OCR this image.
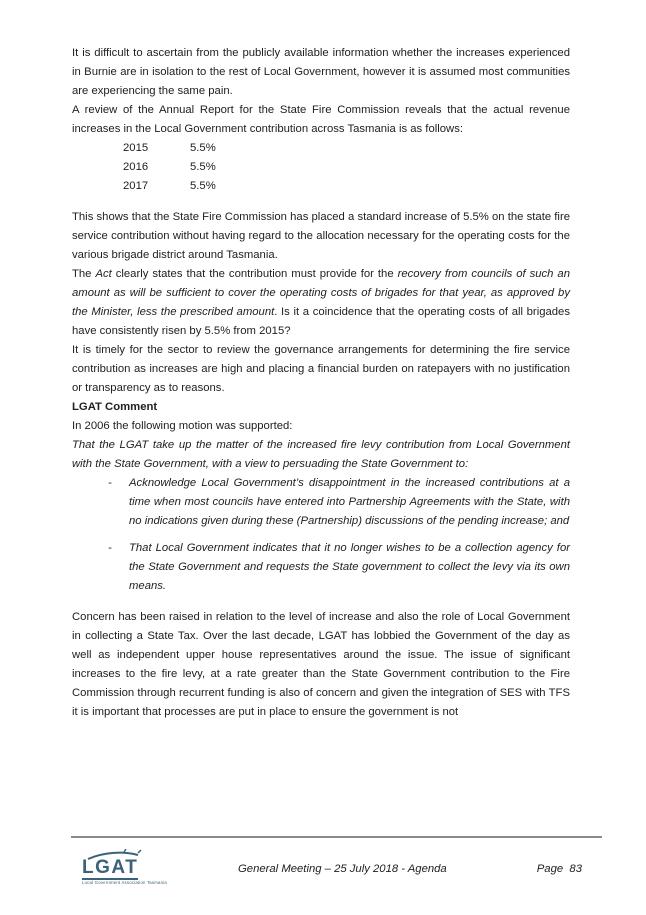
It is difficult to ascertain from the publicly available information whether the increases experienced in Burnie are in isolation to the rest of Local Government, however it is assumed most communities are experiencing the same pain.

A review of the Annual Report for the State Fire Commission reveals that the actual revenue increases in the Local Government contribution across Tasmania is as follows:

2015	5.5%
2016	5.5%
2017	5.5%

This shows that the State Fire Commission has placed a standard increase of 5.5% on the state fire service contribution without having regard to the allocation necessary for the operating costs for the various brigade district around Tasmania.

The Act clearly states that the contribution must provide for the recovery from councils of such an amount as will be sufficient to cover the operating costs of brigades for that year, as approved by the Minister, less the prescribed amount. Is it a coincidence that the operating costs of all brigades have consistently risen by 5.5% from 2015?

It is timely for the sector to review the governance arrangements for determining the fire service contribution as increases are high and placing a financial burden on ratepayers with no justification or transparency as to reasons.

LGAT Comment

In 2006 the following motion was supported:

That the LGAT take up the matter of the increased fire levy contribution from Local Government with the State Government, with a view to persuading the State Government to:

-	Acknowledge Local Government’s disappointment in the increased contributions at a time when most councils have entered into Partnership Agreements with the State, with no indications given during these (Partnership) discussions of the pending increase; and
-	That Local Government indicates that it no longer wishes to be a collection agency for the State Government and requests the State government to collect the levy via its own means.

Concern has been raised in relation to the level of increase and also the role of Local Government in collecting a State Tax. Over the last decade, LGAT has lobbied the Government of the day as well as independent upper house representatives around the issue. The issue of significant increases to the fire levy, at a rate greater than the State Government contribution to the Fire Commission through recurrent funding is also of concern and given the integration of SES with TFS it is important that processes are put in place to ensure the government is not

LGAT
Local Government Association Tasmania
General Meeting – 25 July 2018 - Agenda	Page  83
